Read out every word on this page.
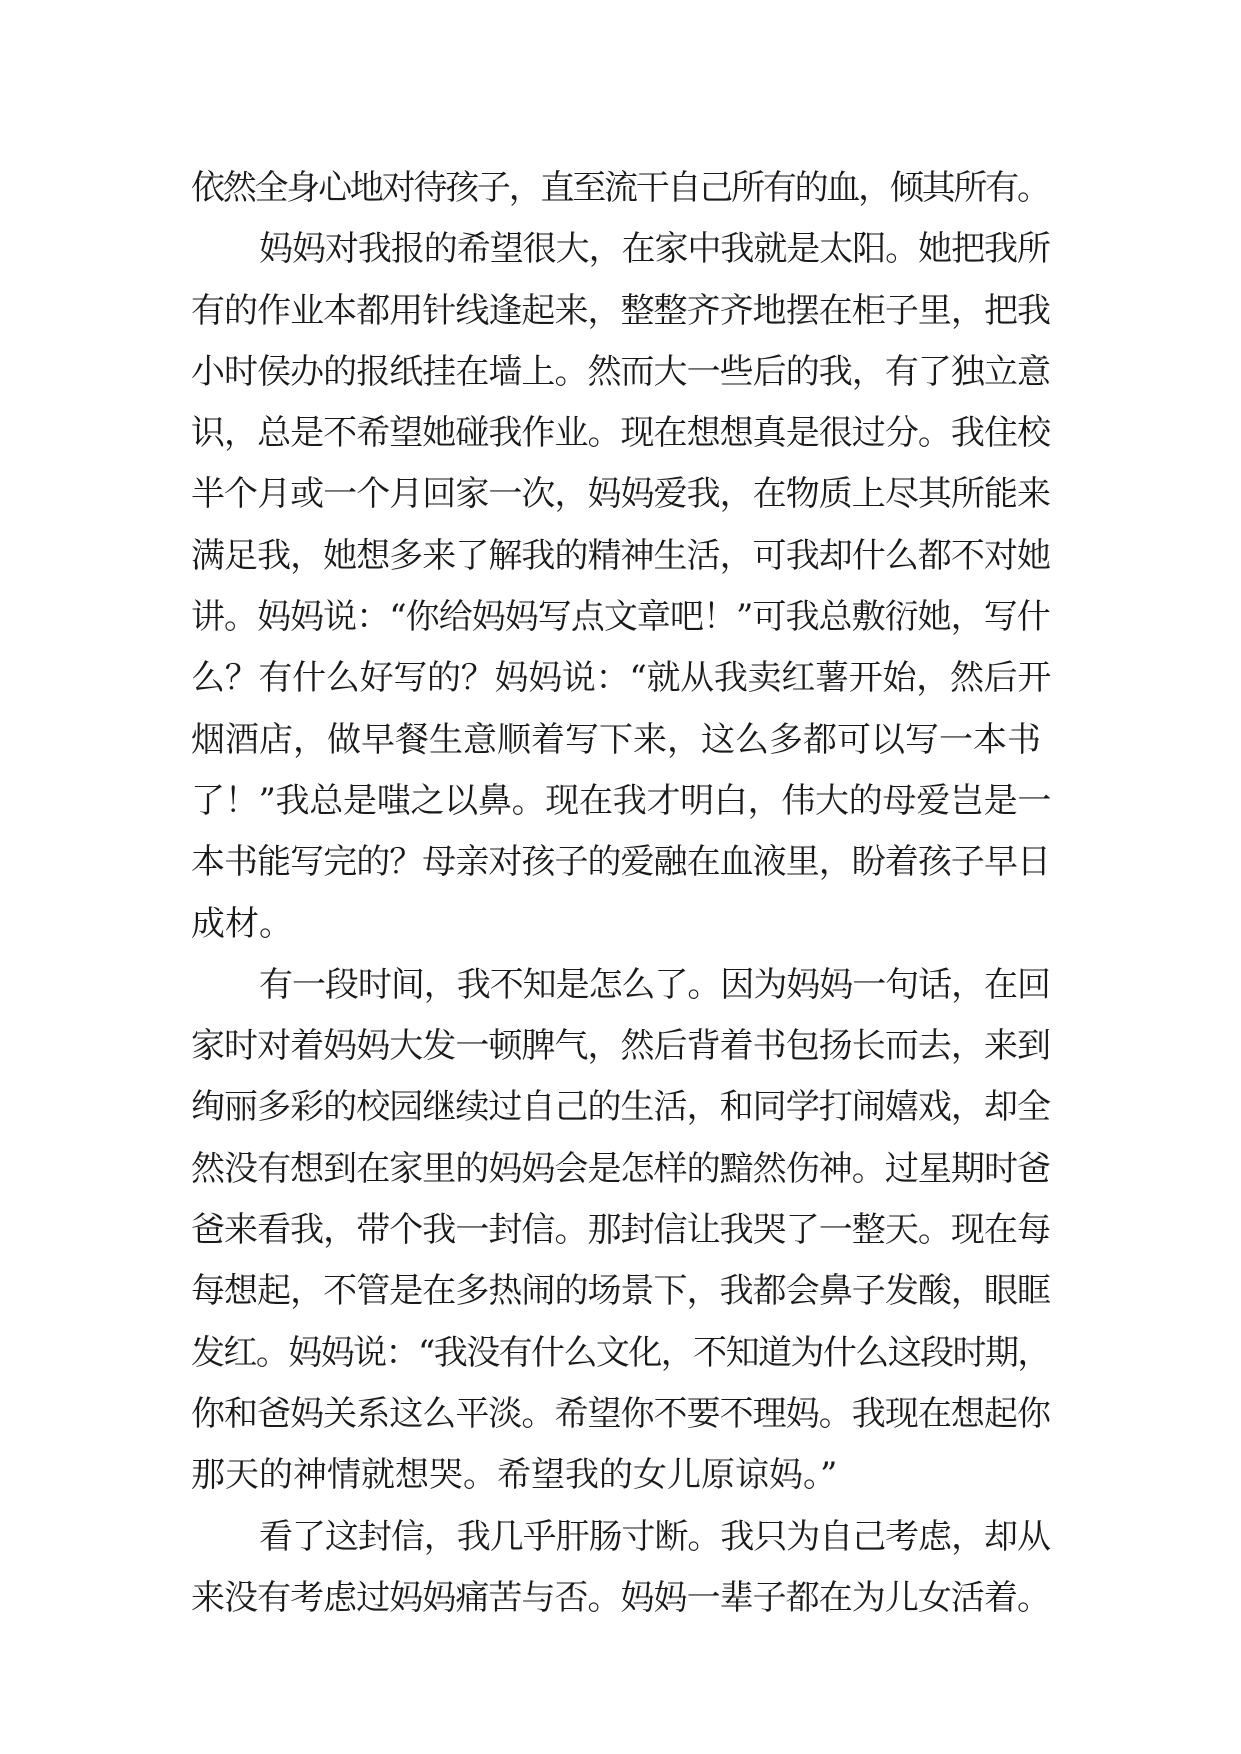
依然全身心地对待孩子，直至流干自己所有的血，倾其所有。
妈妈对我报的希望很大，在家中我就是太阳。她把我所
有的作业本都用针线逢起来，整整齐齐地摆在柜子里，把我
小时侯办的报纸挂在墙上。然而大一些后的我，有了独立意
识，总是不希望她碰我作业。现在想想真是很过分。我住校
半个月或一个月回家一次，妈妈爱我，在物质上尽其所能来
满足我，她想多来了解我的精神生活，可我却什么都不对她
讲。妈妈说：“你给妈妈写点文章吧！”可我总敷衍她，写什
么？有什么好写的？妈妈说：“就从我卖红薯开始，然后开
烟酒店，做早餐生意顺着写下来，这么多都可以写一本书
了！”我总是嗤之以鼻。现在我才明白，伟大的母爱岂是一
本书能写完的？母亲对孩子的爱融在血液里，盼着孩子早日
成材。
有一段时间，我不知是怎么了。因为妈妈一句话，在回
家时对着妈妈大发一顿脾气，然后背着书包扬长而去，来到
绚丽多彩的校园继续过自己的生活，和同学打闹嬉戏，却全
然没有想到在家里的妈妈会是怎样的黯然伤神。过星期时爸
爸来看我，带个我一封信。那封信让我哭了一整天。现在每
每想起，不管是在多热闹的场景下，我都会鼻子发酸，眼眶
发红。妈妈说：“我没有什么文化，不知道为什么这段时期，
你和爸妈关系这么平淡。希望你不要不理妈。我现在想起你
那天的神情就想哭。希望我的女儿原谅妈。”
看了这封信，我几乎肝肠寸断。我只为自己考虑，却从
来没有考虑过妈妈痛苦与否。妈妈一辈子都在为儿女活着。
